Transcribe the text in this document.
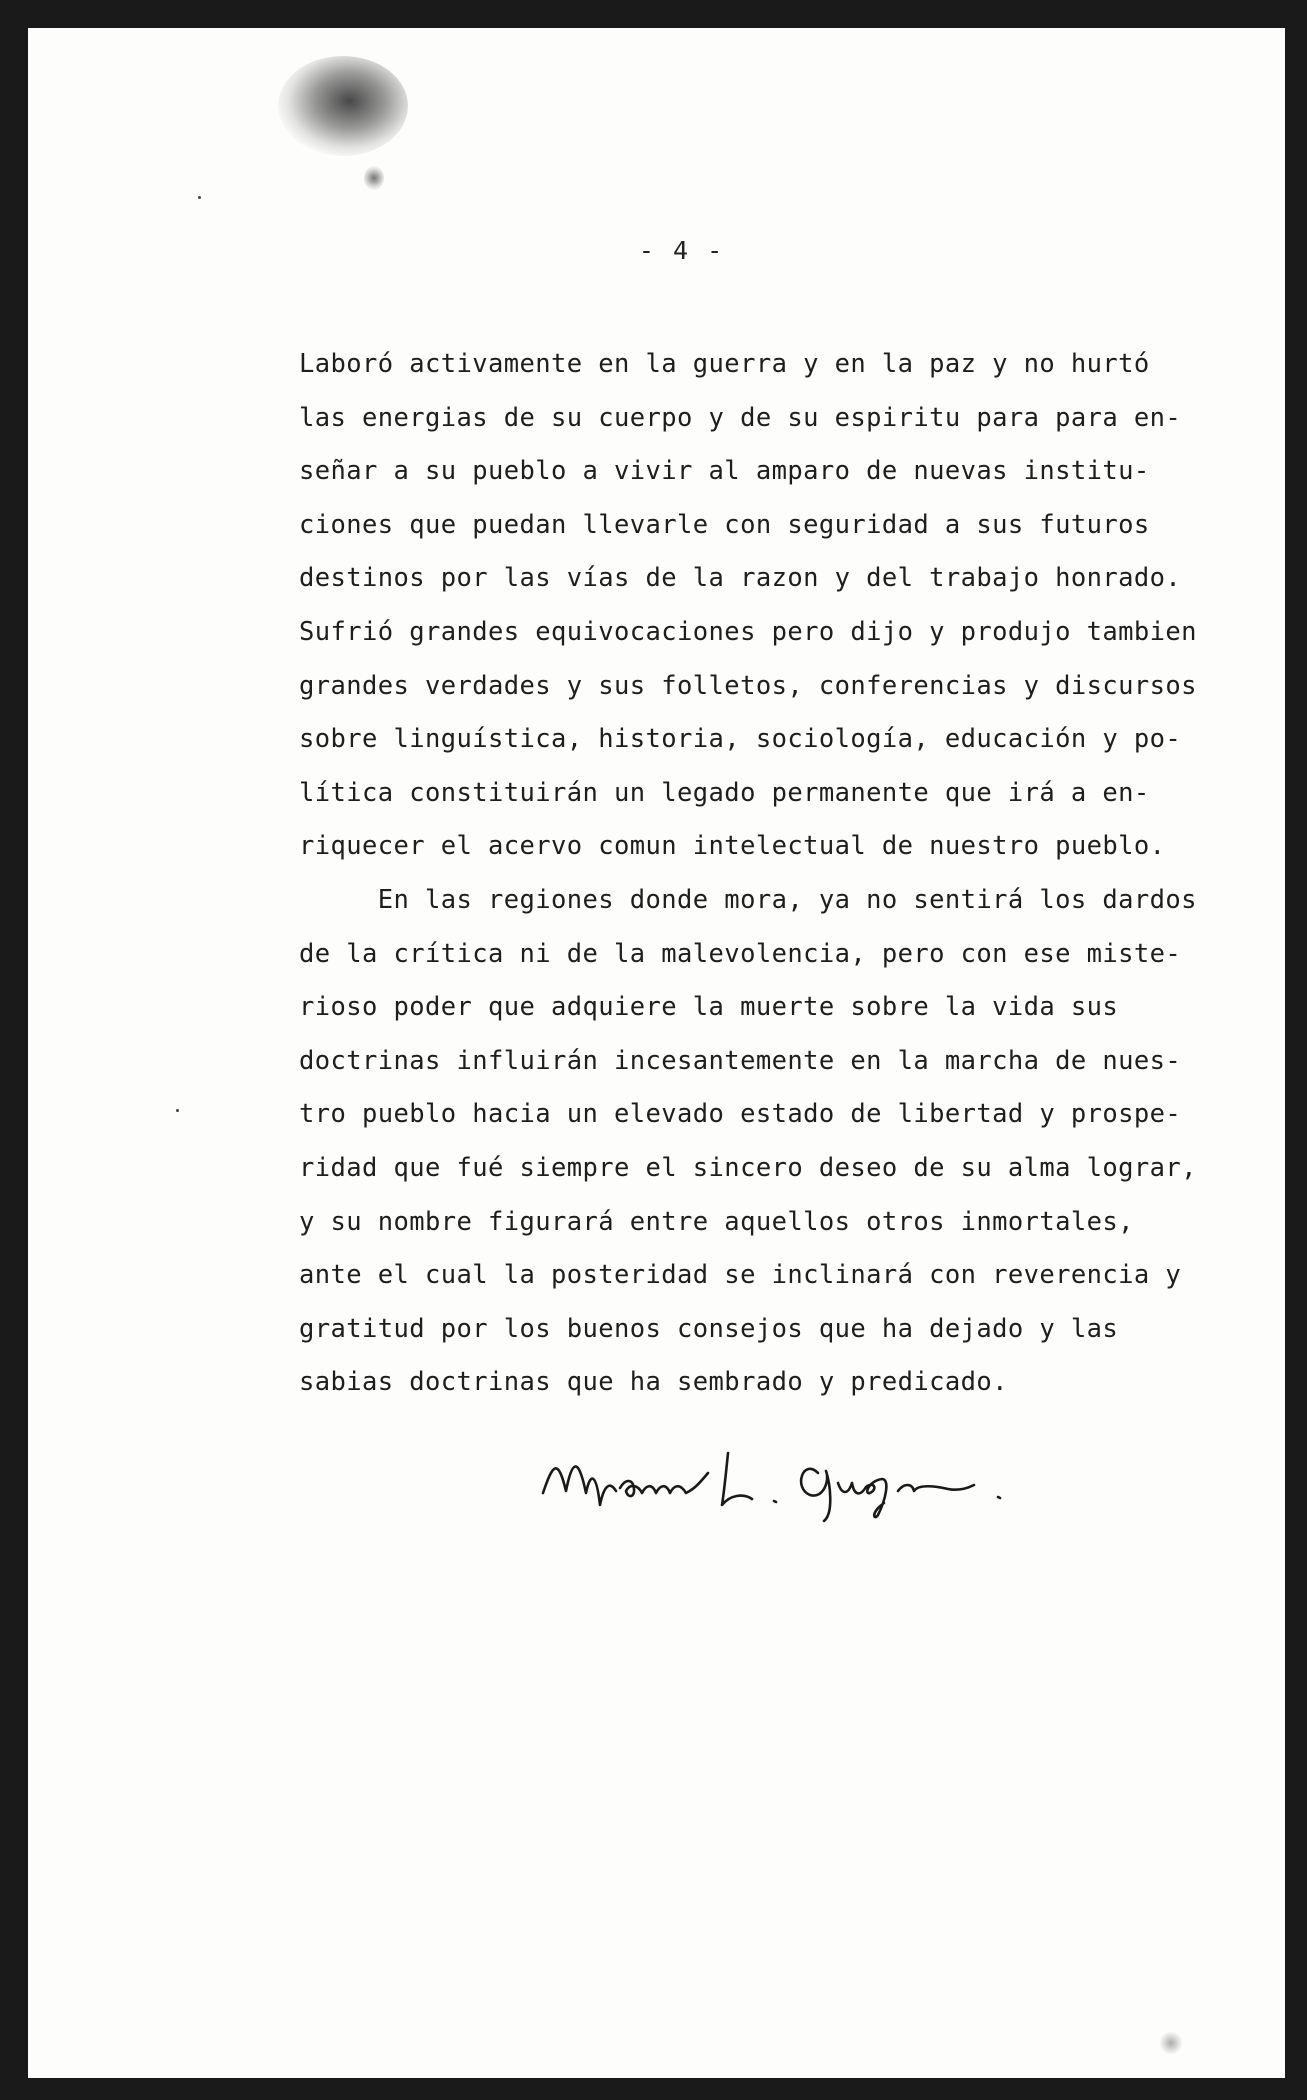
- 4 -
Laboró activamente en la guerra y en la paz y no hurtó
las energias de su cuerpo y de su espiritu para para en-
señar a su pueblo a vivir al amparo de nuevas institu-
ciones que puedan llevarle con seguridad a sus futuros
destinos por las vías de la razon y del trabajo honrado.
Sufrió grandes equivocaciones pero dijo y produjo tambien
grandes verdades y sus folletos, conferencias y discursos
sobre linguística, historia, sociología, educación y po-
lítica constituirán un legado permanente que irá a en-
riquecer el acervo comun intelectual de nuestro pueblo.
En las regiones donde mora, ya no sentirá los dardos
de la crítica ni de la malevolencia, pero con ese miste-
rioso poder que adquiere la muerte sobre la vida sus
doctrinas influirán incesantemente en la marcha de nues-
tro pueblo hacia un elevado estado de libertad y prospe-
ridad que fué siempre el sincero deseo de su alma lograr,
y su nombre figurará entre aquellos otros inmortales,
ante el cual la posteridad se inclinará con reverencia y
gratitud por los buenos consejos que ha dejado y las
sabias doctrinas que ha sembrado y predicado.
